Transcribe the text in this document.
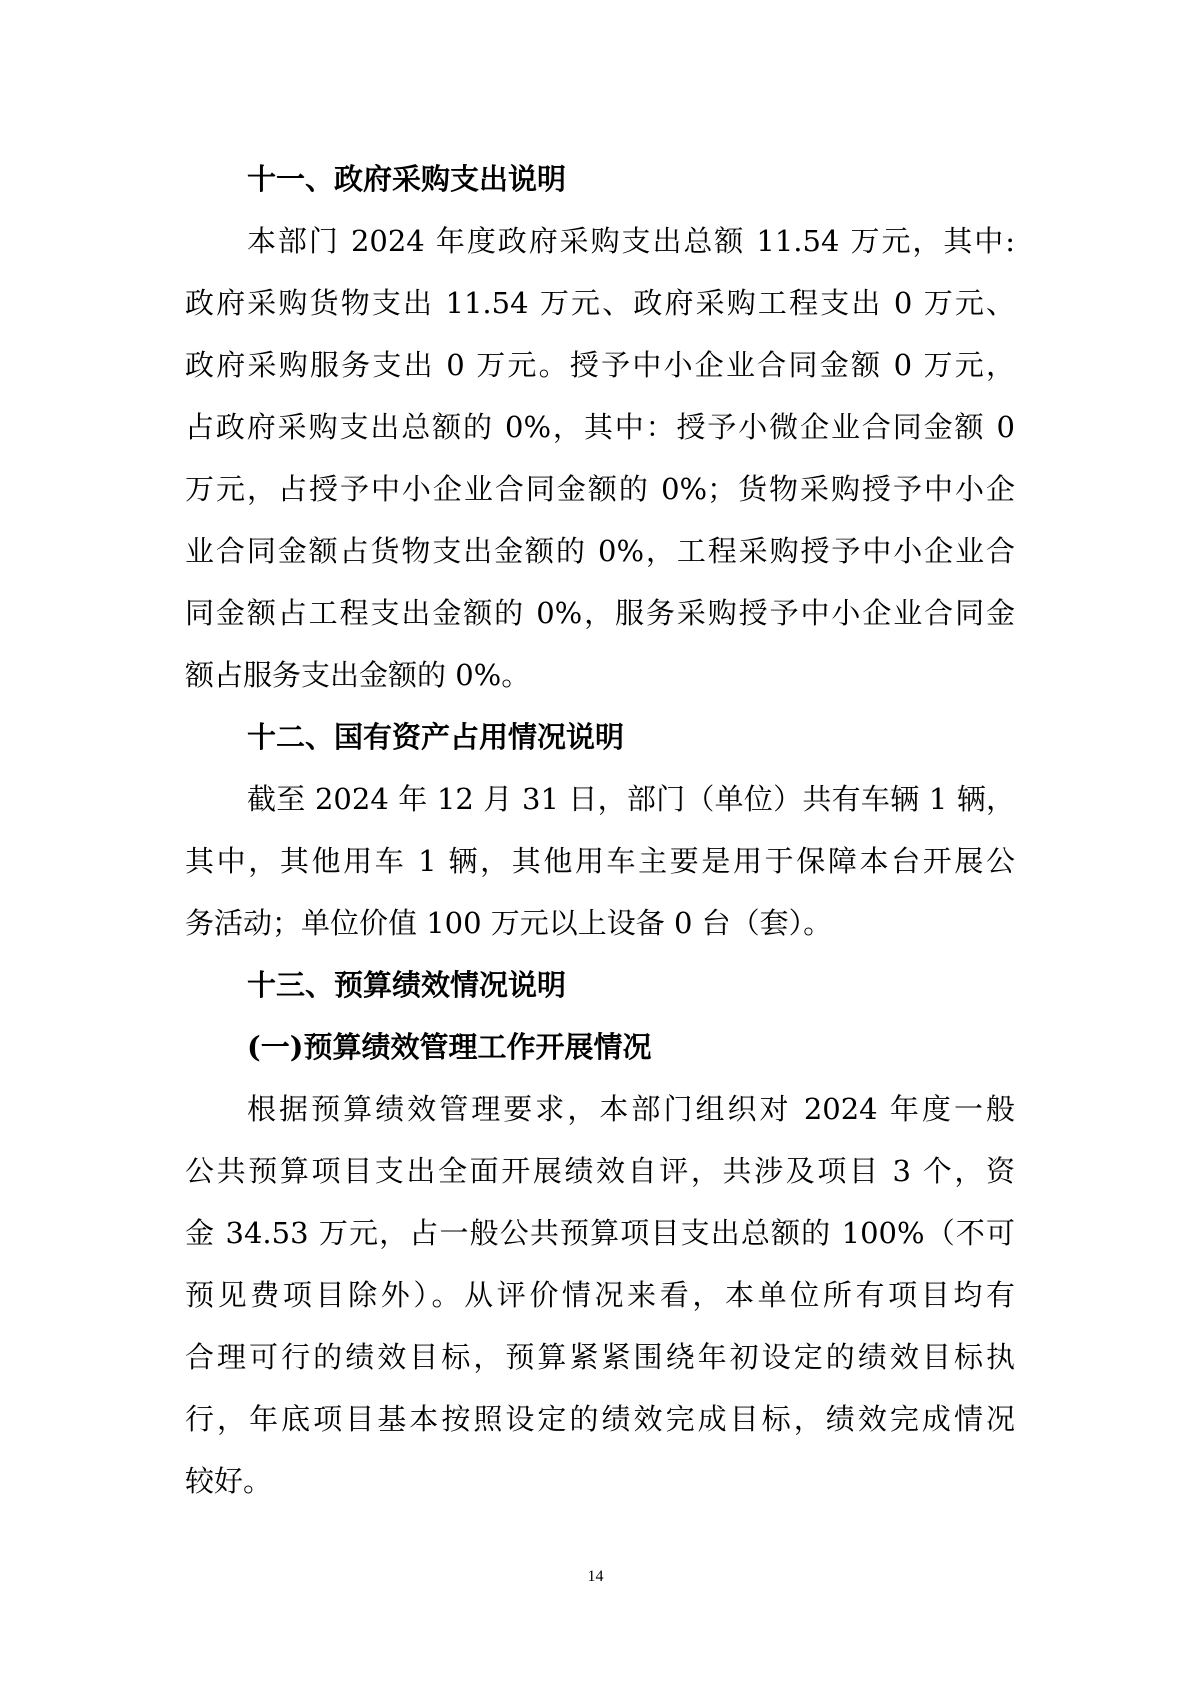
十一、政府采购支出说明

本部门 2024 年度政府采购支出总额 11.54 万元，其中:
政府采购货物支出 11.54 万元、政府采购工程支出 0 万元、
政府采购服务支出 0 万元。授予中小企业合同金额 0 万元，
占政府采购支出总额的 0%，其中：授予小微企业合同金额 0
万元，占授予中小企业合同金额的 0%；货物采购授予中小企
业合同金额占货物支出金额的 0%，工程采购授予中小企业合
同金额占工程支出金额的 0%，服务采购授予中小企业合同金
额占服务支出金额的 0%。

十二、国有资产占用情况说明

截至 2024 年 12 月 31 日，部门（单位）共有车辆 1 辆，
其中，其他用车 1 辆，其他用车主要是用于保障本台开展公
务活动；单位价值 100 万元以上设备 0 台（套）。

十三、预算绩效情况说明
(一)预算绩效管理工作开展情况

根据预算绩效管理要求，本部门组织对 2024 年度一般
公共预算项目支出全面开展绩效自评，共涉及项目 3 个，资
金 34.53 万元，占一般公共预算项目支出总额的 100%（不可
预见费项目除外）。从评价情况来看，本单位所有项目均有
合理可行的绩效目标，预算紧紧围绕年初设定的绩效目标执
行，年底项目基本按照设定的绩效完成目标，绩效完成情况
较好。

14
